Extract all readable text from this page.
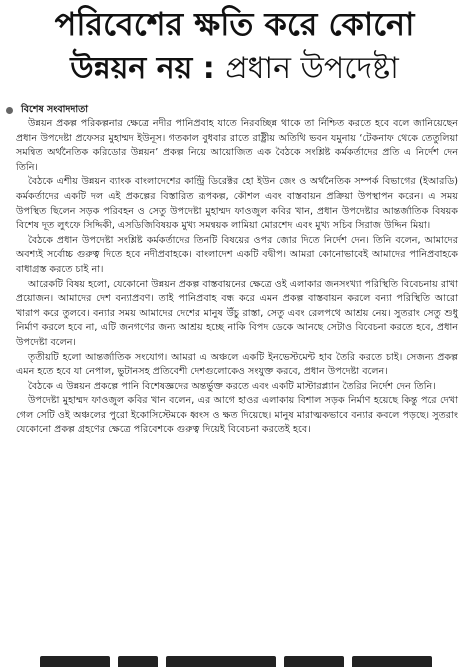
পরিবেশের ক্ষতি করে কোনো
উন্নয়ন নয় : প্রধান উপদেষ্টা
বিশেষ সংবাদদাতা

উন্নয়ন প্রকল্প পরিকল্পনার ক্ষেত্রে নদীর পানিপ্রবাহ যাতে নিরবচ্ছিন্ন থাকে তা নিশ্চিত করতে হবে বলে জানিয়েছেন প্রধান উপদেষ্টা প্রফেসর মুহাম্মদ ইউনূস। গতকাল বুধবার রাতে রাষ্ট্রীয় অতিথি ভবন যমুনায় ‘টেকনাফ থেকে তেতুলিয়া সমন্বিত অর্থনৈতিক করিডোর উন্নয়ন’ প্রকল্প নিয়ে আয়োজিত এক বৈঠকে সংশ্লিষ্ট কর্মকর্তাদের প্রতি এ নির্দেশ দেন তিনি।

বৈঠকে এশীয় উন্নয়ন ব্যাংক বাংলাদেশের কান্ট্রি ডিরেক্টর হো ইউন জেং ও অর্থনৈতিক সম্পর্ক বিভাগের (ইআরডি) কর্মকর্তাদের একটি দল এই প্রকল্পের বিস্তারিত রূপকল্প, কৌশল এবং বাস্তবায়ন প্রক্রিয়া উপস্থাপন করেন। এ সময় উপস্থিত ছিলেন সড়ক পরিবহন ও সেতু উপদেষ্টা মুহাম্মদ ফাওজুল কবির খান, প্রধান উপদেষ্টার আন্তর্জাতিক বিষয়ক বিশেষ দূত লুৎফে সিদ্দিকী, এসডিজিবিষয়ক মুখ্য সমন্বয়ক লামিয়া মোরশেদ এবং মুখ্য সচিব সিরাজ উদ্দিন মিয়া।

বৈঠকে প্রধান উপদেষ্টা সংশ্লিষ্ট কর্মকর্তাদের তিনটি বিষয়ের ওপর জোর দিতে নির্দেশ দেন। তিনি বলেন, আমাদের অবশ্যই সর্বোচ্চ গুরুত্ব দিতে হবে নদীপ্রবাহকে। বাংলাদেশ একটি বদ্বীপ। আমরা কোনোভাবেই আমাদের পানিপ্রবাহকে বাধাগ্রস্ত করতে চাই না।

আরেকটি বিষয় হলো, যেকোনো উন্নয়ন প্রকল্প বাস্তবায়নের ক্ষেত্রে ওই এলাকার জনসংখ্যা পরিস্থিতি বিবেচনায় রাখা প্রয়োজন। আমাদের দেশ বন্যাপ্রবণ। তাই পানিপ্রবাহ বন্ধ করে এমন প্রকল্প বাস্তবায়ন করলে বন্যা পরিস্থিতি আরো খারাপ করে তুলবে। বন্যার সময় আমাদের দেশের মানুষ উঁচু রাস্তা, সেতু এবং রেলপথে আশ্রয় নেয়। সুতরাং সেতু শুধু নির্মাণ করলে হবে না, এটি জনগণের জন্য আশ্রয় হচ্ছে নাকি বিপদ ডেকে আনছে সেটাও বিবেচনা করতে হবে, প্রধান উপদেষ্টা বলেন।

তৃতীয়টি হলো আন্তর্জাতিক সংযোগ। আমরা এ অঞ্চলে একটি ইনভেস্টমেন্ট হাব তৈরি করতে চাই। সেজন্য প্রকল্প এমন হতে হবে যা নেপাল, ভুটানসহ প্রতিবেশী দেশগুলোকেও সংযুক্ত করবে, প্রধান উপদেষ্টা বলেন।

বৈঠকে এ উন্নয়ন প্রকল্পে পানি বিশেষজ্ঞদের অন্তর্ভুক্ত করতে এবং একটি মাস্টারপ্ল্যান তৈরির নির্দেশ দেন তিনি।

উপদেষ্টা মুহাম্মদ ফাওজুল কবির খান বলেন, এর আগে হাওর এলাকায় বিশাল সড়ক নির্মাণ হয়েছে কিন্তু পরে দেখা গেল সেটি ওই অঞ্চলের পুরো ইকোসিস্টেমকে ধ্বংস ও ক্ষত দিয়েছে। মানুষ মারাত্মকভাবে বন্যার কবলে পড়ছে। সুতরাং যেকোনো প্রকল্প গ্রহণের ক্ষেত্রে পরিবেশকে গুরুত্ব দিয়েই বিবেচনা করতেই হবে।
